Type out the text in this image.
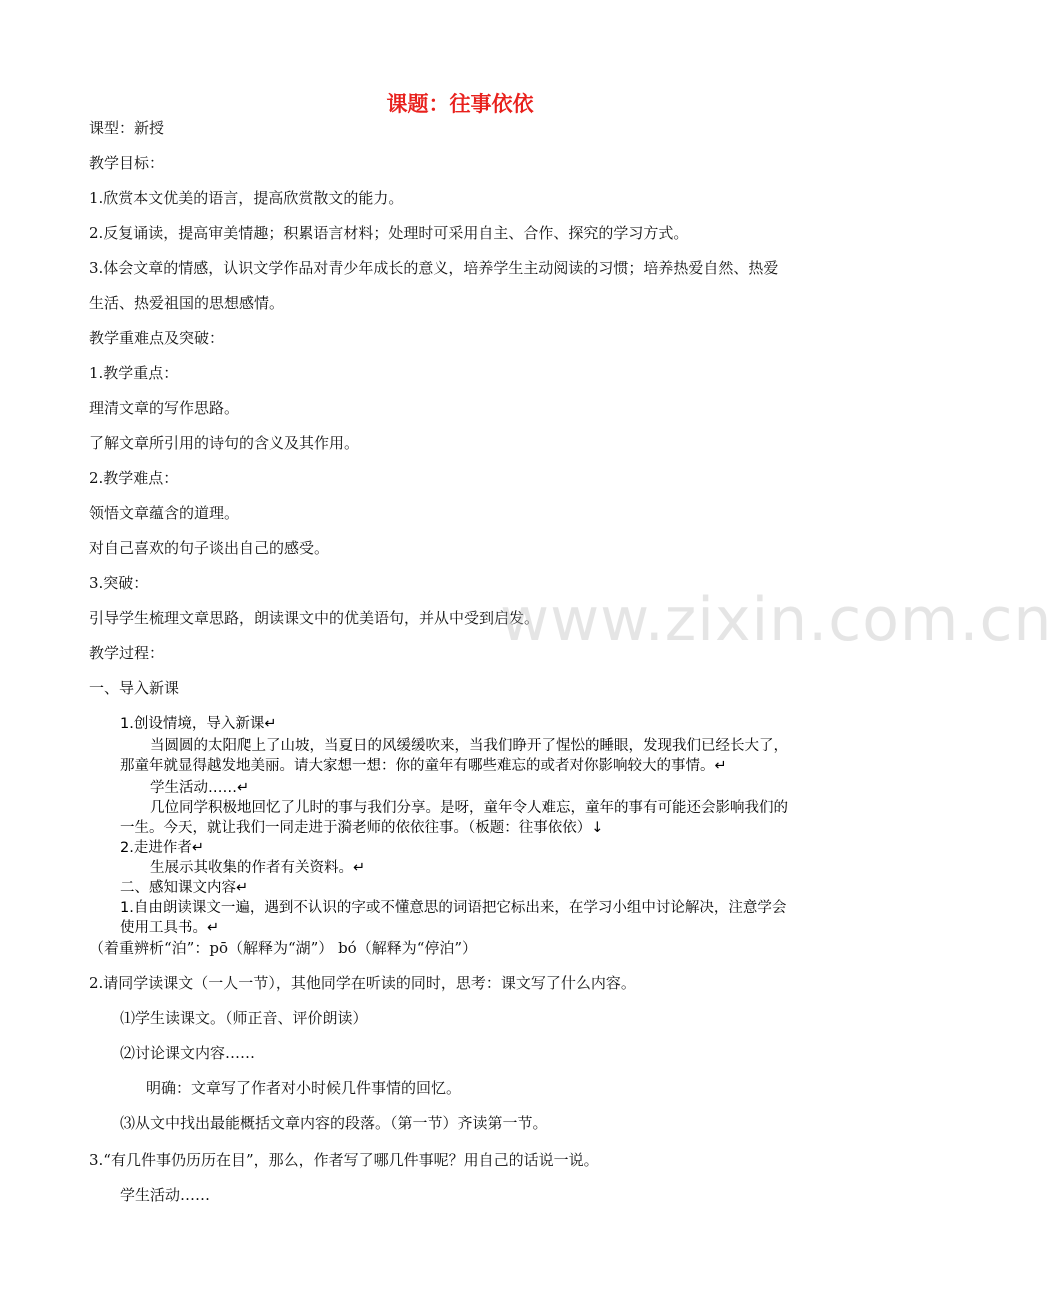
课题：往事依依
课型：新授
教学目标：
1.欣赏本文优美的语言，提高欣赏散文的能力。
2.反复诵读，提高审美情趣；积累语言材料；处理时可采用自主、合作、探究的学习方式。
3.体会文章的情感，认识文学作品对青少年成长的意义，培养学生主动阅读的习惯；培养热爱自然、热爱
生活、热爱祖国的思想感情。
教学重难点及突破：
1.教学重点：
理清文章的写作思路。
了解文章所引用的诗句的含义及其作用。
2.教学难点：
领悟文章蕴含的道理。
对自己喜欢的句子谈出自己的感受。
3.突破：
引导学生梳理文章思路，朗读课文中的优美语句，并从中受到启发。
教学过程：
一、导入新课
www.zixin.com.cn
1.创设情境，导入新课↵
当圆圆的太阳爬上了山坡，当夏日的风缓缓吹来，当我们睁开了惺忪的睡眼，发现我们已经长大了，
那童年就显得越发地美丽。请大家想一想：你的童年有哪些难忘的或者对你影响较大的事情。↵
学生活动……↵
几位同学积极地回忆了儿时的事与我们分享。是呀，童年令人难忘，童年的事有可能还会影响我们的
一生。今天，就让我们一同走进于漪老师的依依往事。（板题：往事依依）↓
2.走进作者↵
生展示其收集的作者有关资料。↵
二、感知课文内容↵
1.自由朗读课文一遍，遇到不认识的字或不懂意思的词语把它标出来，在学习小组中讨论解决，注意学会
使用工具书。↵
（着重辨析“泊”：pō（解释为“湖”） bó（解释为“停泊”）
2.请同学读课文（一人一节），其他同学在听读的同时，思考：课文写了什么内容。
⑴学生读课文。（师正音、评价朗读）
⑵讨论课文内容……
明确：文章写了作者对小时候几件事情的回忆。
⑶从文中找出最能概括文章内容的段落。（第一节）齐读第一节。
3.“有几件事仍历历在目”，那么，作者写了哪几件事呢？用自己的话说一说。
学生活动……
